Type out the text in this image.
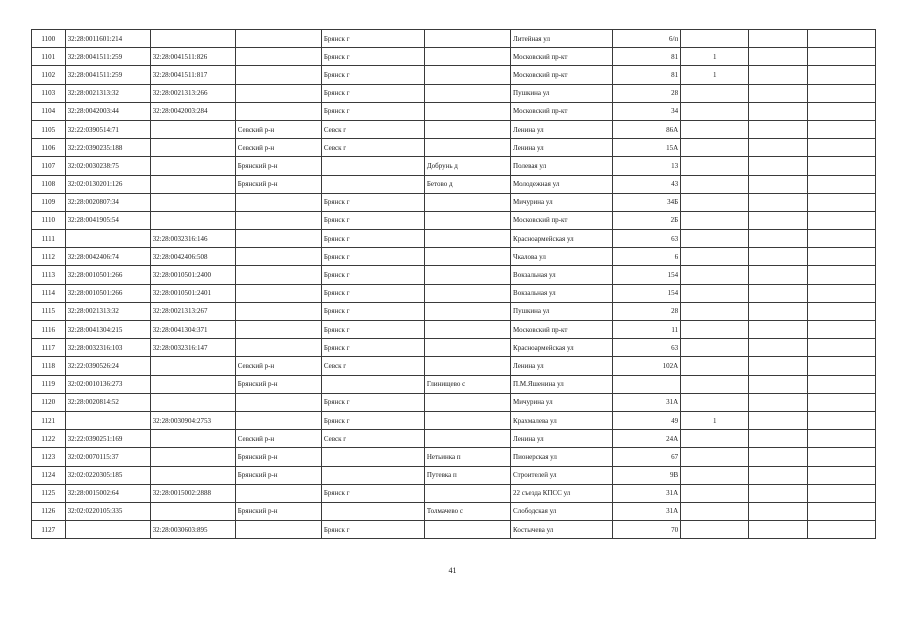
1100	32:28:0011601:214			Брянск г		Литейная ул	6/п			
1101	32:28:0041511:259	32:28:0041511:826		Брянск г		Московский пр-кт	81	1		
1102	32:28:0041511:259	32:28:0041511:817		Брянск г		Московский пр-кт	81	1		
1103	32:28:0021313:32	32:28:0021313:266		Брянск г		Пушкина ул	28			
1104	32:28:0042003:44	32:28:0042003:284		Брянск г		Московский пр-кт	34			
1105	32:22:0390514:71		Севский р-н	Севск г		Ленина ул	86А			
1106	32:22:0390235:188		Севский р-н	Севск г		Ленина ул	15А			
1107	32:02:0030238:75		Брянский р-н		Добрунь д	Полевая ул	13			
1108	32:02:0130201:126		Брянский р-н		Бетово д	Молодежная ул	43			
1109	32:28:0020807:34			Брянск г		Мичурина ул	34Б			
1110	32:28:0041905:54			Брянск г		Московский пр-кт	2Б			
1111		32:28:0032316:146		Брянск г		Красноармейская ул	63			
1112	32:28:0042406:74	32:28:0042406:508		Брянск г		Чкалова ул	6			
1113	32:28:0010501:266	32:28:0010501:2400		Брянск г		Вокзальная ул	154			
1114	32:28:0010501:266	32:28:0010501:2401		Брянск г		Вокзальная ул	154			
1115	32:28:0021313:32	32:28:0021313:267		Брянск г		Пушкина ул	28			
1116	32:28:0041304:215	32:28:0041304:371		Брянск г		Московский пр-кт	11			
1117	32:28:0032316:103	32:28:0032316:147		Брянск г		Красноармейская ул	63			
1118	32:22:0390526:24		Севский р-н	Севск г		Ленина ул	102А			
1119	32:02:0010136:273		Брянский р-н		Глинищево с	П.М.Яшенина ул				
1120	32:28:0020814:52			Брянск г		Мичурина ул	31А			
1121		32:28:0030904:2753		Брянск г		Крахмалева ул	49	1		
1122	32:22:0390251:169		Севский р-н	Севск г		Ленина ул	24А			
1123	32:02:0070115:37		Брянский р-н		Нетьинка п	Пионерская ул	67			
1124	32:02:0220305:185		Брянский р-н		Путевка п	Строителей ул	9В			
1125	32:28:0015002:64	32:28:0015002:2888		Брянск г		22 съезда КПСС ул	31А			
1126	32:02:0220105:335		Брянский р-н		Толмачево с	Слободская ул	31А			
1127		32:28:0030603:895		Брянск г		Костычева ул	70			
41
